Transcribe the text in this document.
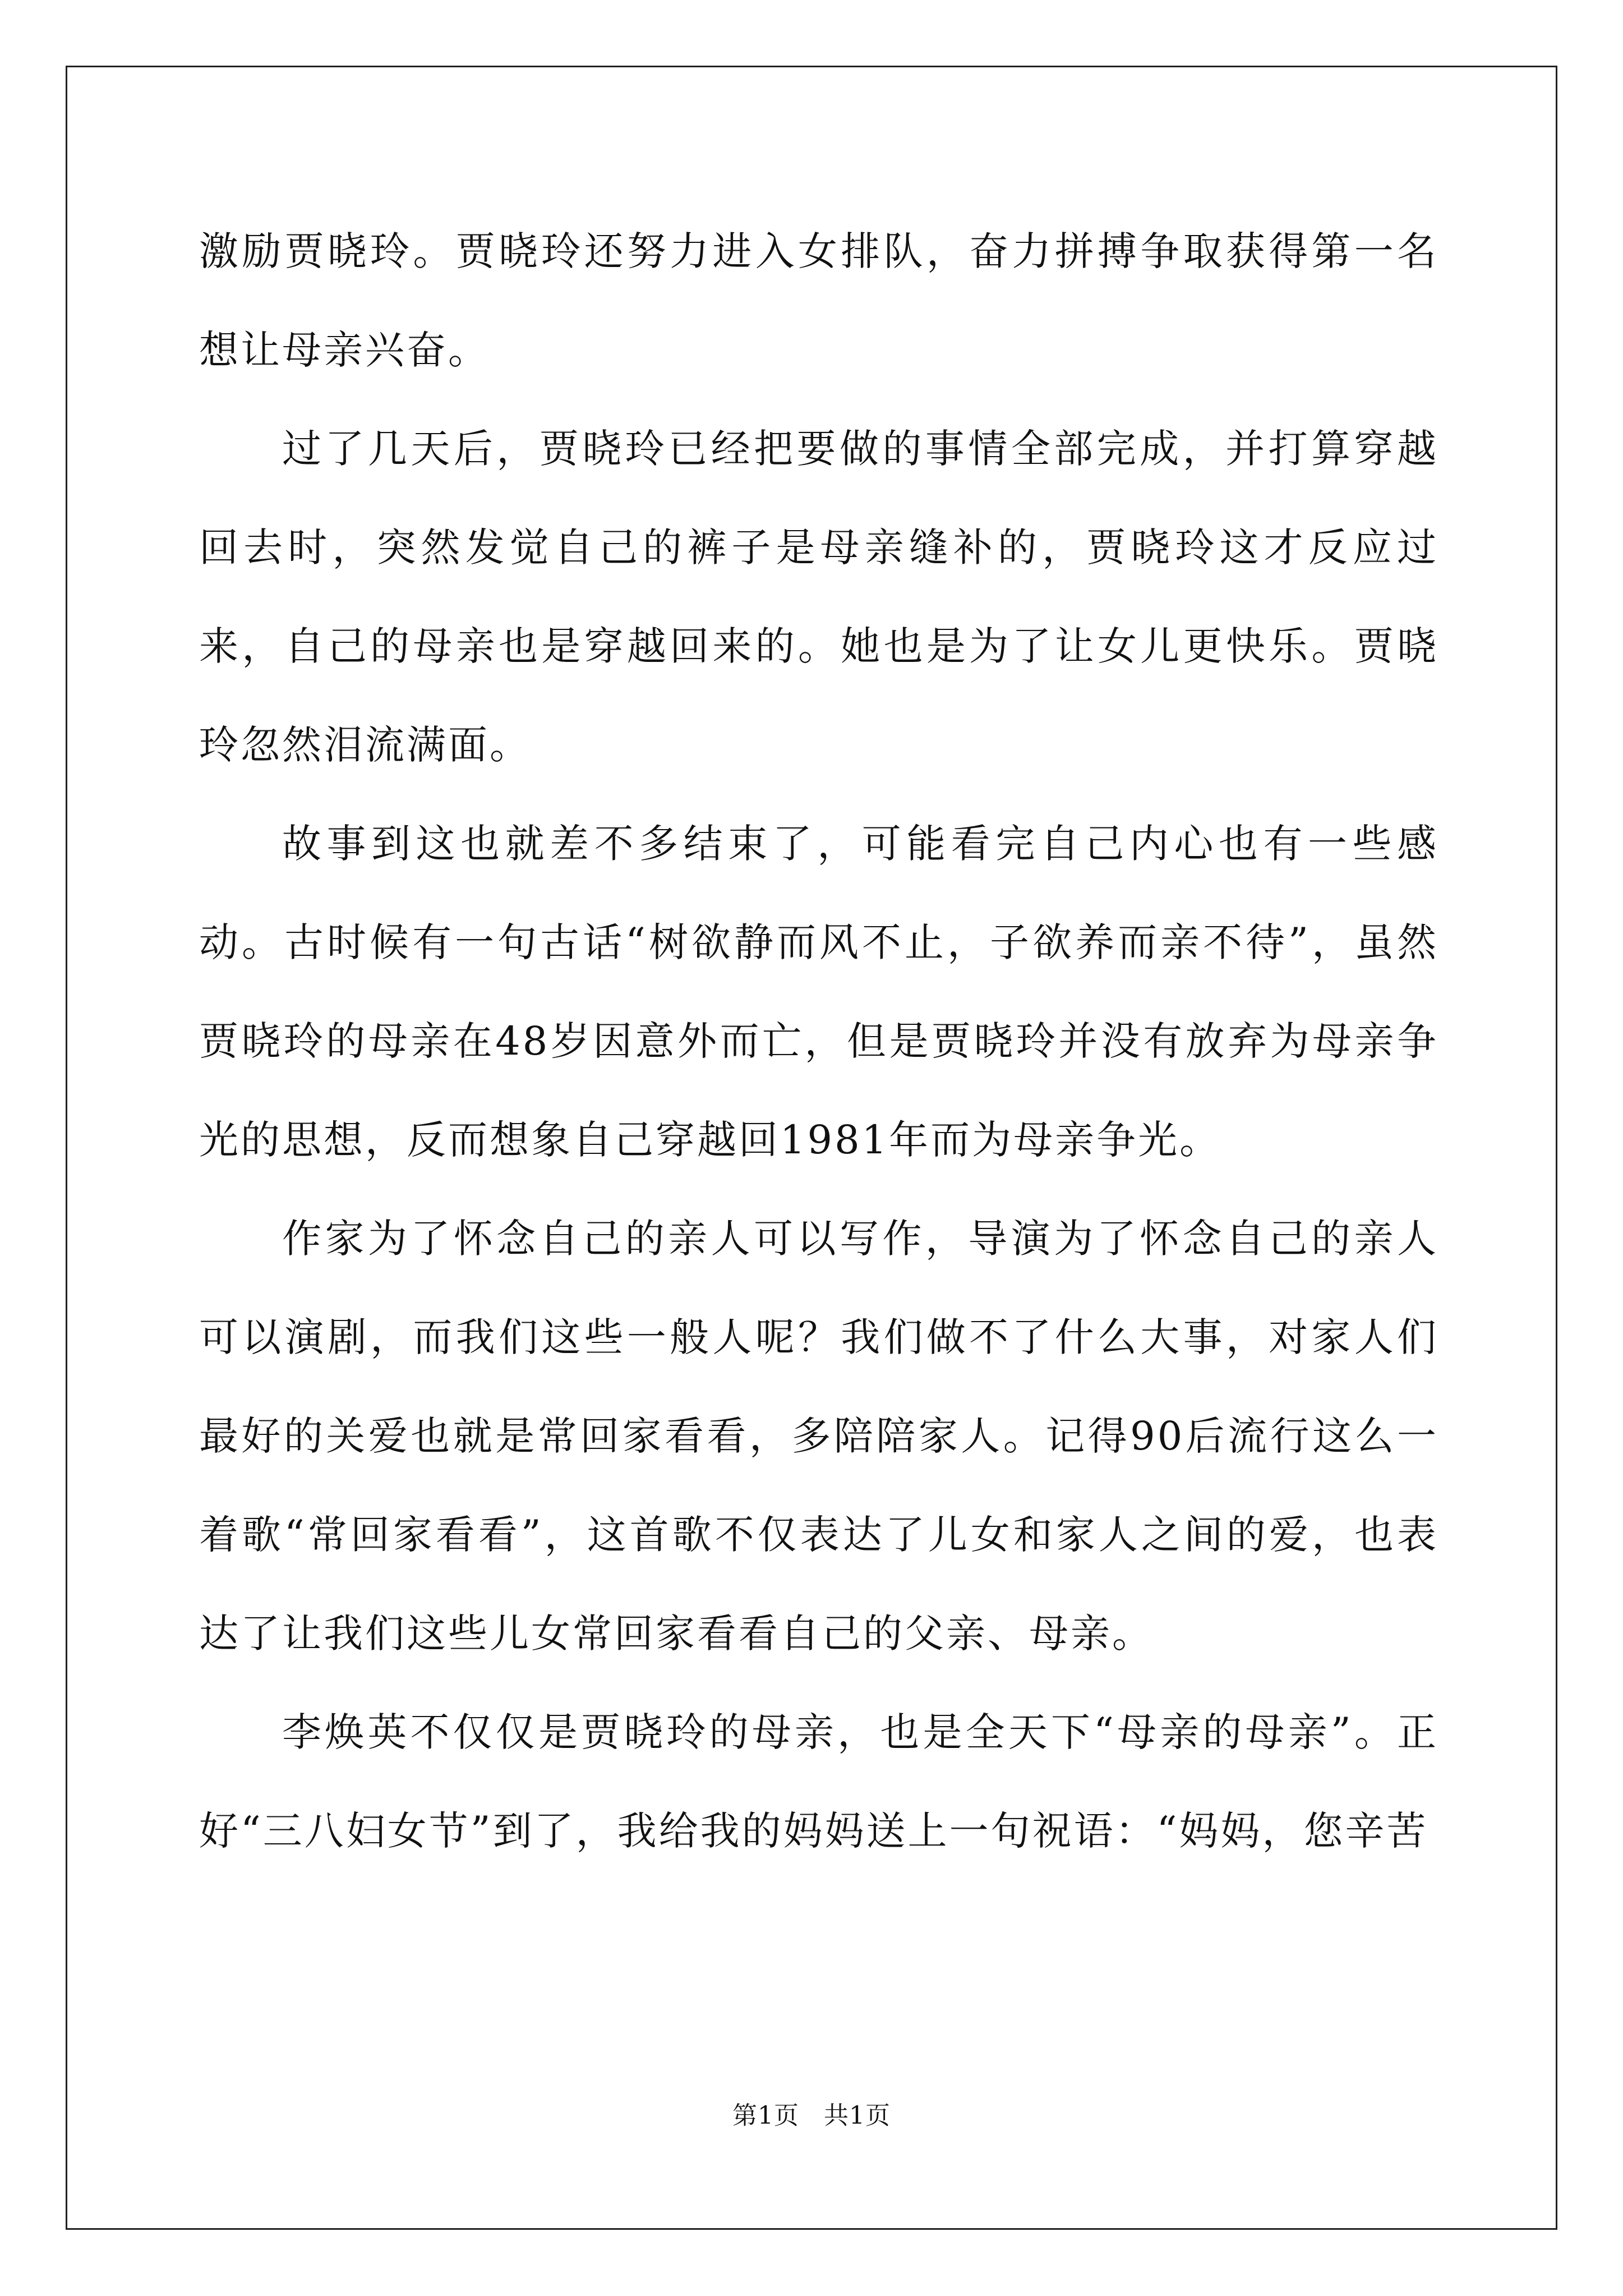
激励贾晓玲。贾晓玲还努力进入女排队，奋力拼搏争取获得第一名想让母亲兴奋。

过了几天后，贾晓玲已经把要做的事情全部完成，并打算穿越回去时，突然发觉自己的裤子是母亲缝补的，贾晓玲这才反应过来，自己的母亲也是穿越回来的。她也是为了让女儿更快乐。贾晓玲忽然泪流满面。

故事到这也就差不多结束了，可能看完自己内心也有一些感动。古时候有一句古话“树欲静而风不止，子欲养而亲不待”，虽然贾晓玲的母亲在48岁因意外而亡，但是贾晓玲并没有放弃为母亲争光的思想，反而想象自己穿越回1981年而为母亲争光。

作家为了怀念自己的亲人可以写作，导演为了怀念自己的亲人可以演剧，而我们这些一般人呢？我们做不了什么大事，对家人们最好的关爱也就是常回家看看，多陪陪家人。记得90后流行这么一着歌“常回家看看”，这首歌不仅表达了儿女和家人之间的爱，也表达了让我们这些儿女常回家看看自己的父亲、母亲。

李焕英不仅仅是贾晓玲的母亲，也是全天下“母亲的母亲”。正好“三八妇女节”到了，我给我的妈妈送上一句祝语：“妈妈，您辛苦

第1页 共1页
